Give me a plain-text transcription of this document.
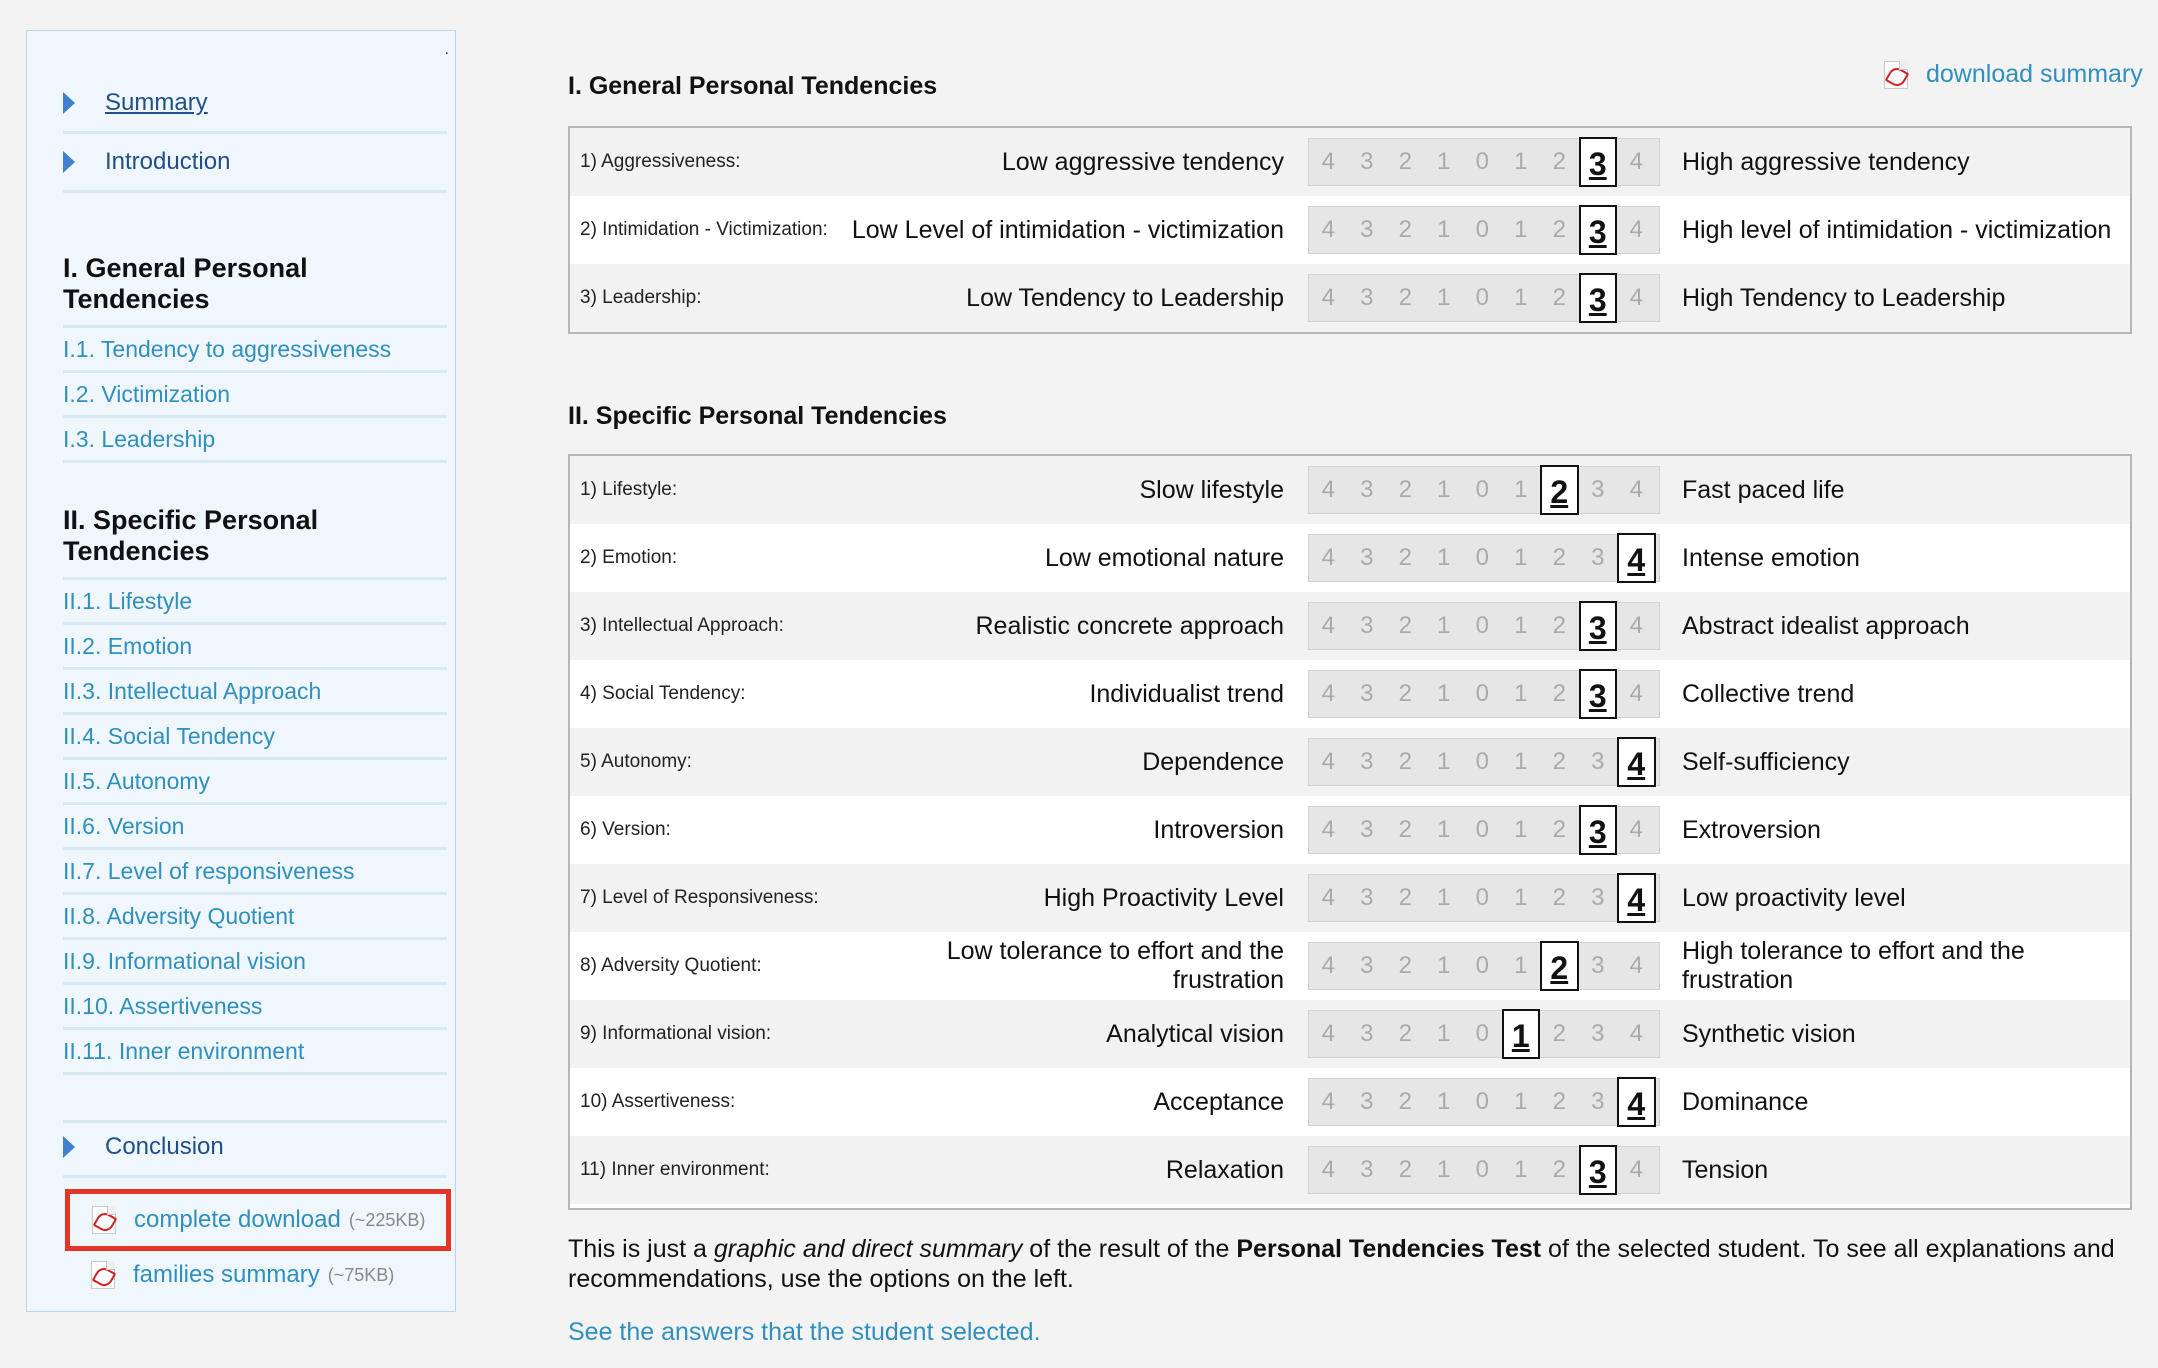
.
Summary
Introduction
I. General Personal Tendencies
I.1. Tendency to aggressiveness
I.2. Victimization
I.3. Leadership
II. Specific Personal Tendencies
II.1. Lifestyle
II.2. Emotion
II.3. Intellectual Approach
II.4. Social Tendency
II.5. Autonomy
II.6. Version
II.7. Level of responsiveness
II.8. Adversity Quotient
II.9. Informational vision
II.10. Assertiveness
II.11. Inner environment
Conclusion
complete download (~225KB)
families summary (~75KB)
I. General Personal Tendencies	download summary
1) Aggressiveness:	Low aggressive tendency	4	3	2	1	0	1	2 3 4	High aggressive tendency
2) Intimidation - Victimization: Low Level of intimidation - victimization	4	3	2	1	0	1	2 3 4	High level of intimidation - victimization
3) Leadership:	Low Tendency to Leadership	4	3	2	1	0	1	2 3 4	High Tendency to Leadership
II. Specific Personal Tendencies
1) Lifestyle:	Slow lifestyle	4	3	2	1	0	1 2 3	4	Fast paced life
2) Emotion:	Low emotional nature	4	3	2	1	0	1	2	3 4	Intense emotion
3) Intellectual Approach:	Realistic concrete approach	4	3	2	1	0	1	2 3 4	Abstract idealist approach
4) Social Tendency:	Individualist trend	4	3	2	1	0	1	2 3 4	Collective trend
5) Autonomy:	Dependence	4	3	2	1	0	1	2	3 4	Self-sufficiency
6) Version:	Introversion	4	3	2	1	0	1	2 3 4	Extroversion
7) Level of Responsiveness:	High Proactivity Level	4	3	2	1	0	1	2	3 4	Low proactivity level
8) Adversity Quotient:
Low tolerance to effort and the frustration
4	3	2	1	0	1 2 3	4
High tolerance to effort and the frustration
9) Informational vision:	Analytical vision	4	3	2	1	0 1 2	3	4	Synthetic vision
10) Assertiveness:	Acceptance	4	3	2	1	0	1	2	3 4	Dominance
11) Inner environment:	Relaxation	4	3	2	1	0	1	2 3 4	Tension
This is just a graphic and direct summary of the result of the Personal Tendencies Test of the selected student. To see all explanations and recommendations, use the options on the left.
See the answers that the student selected.
